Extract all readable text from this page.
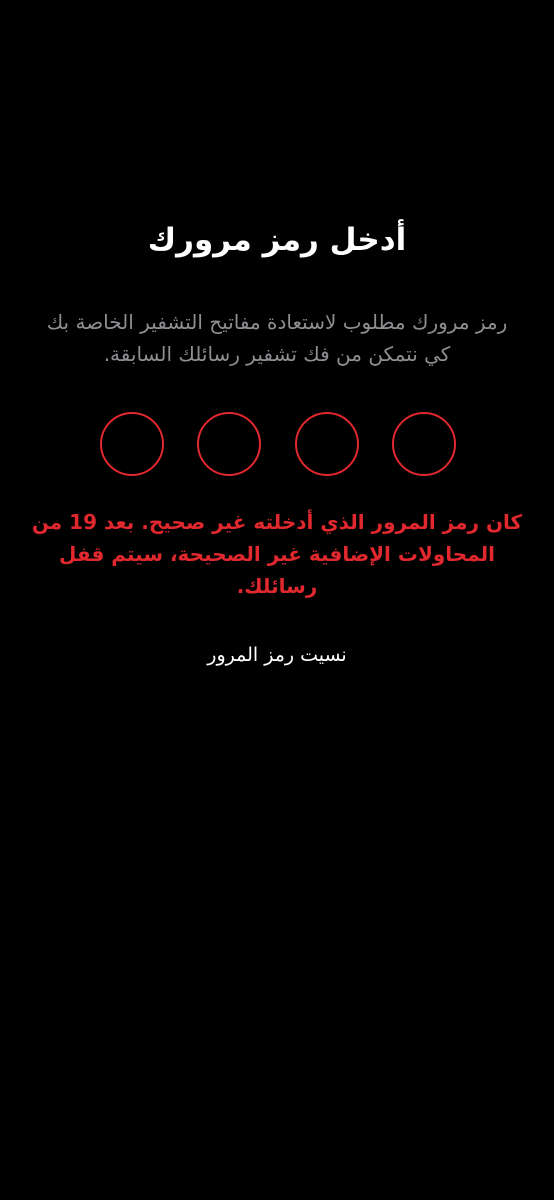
أدخل رمز مرورك
رمز مرورك مطلوب لاستعادة مفاتيح التشفير الخاصة بك كي نتمكن من فك تشفير رسائلك السابقة.
كان رمز المرور الذي أدخلته غير صحيح. بعد 19 من المحاولات الإضافية غير الصحيحة، سيتم قفل رسائلك.
نسيت رمز المرور
